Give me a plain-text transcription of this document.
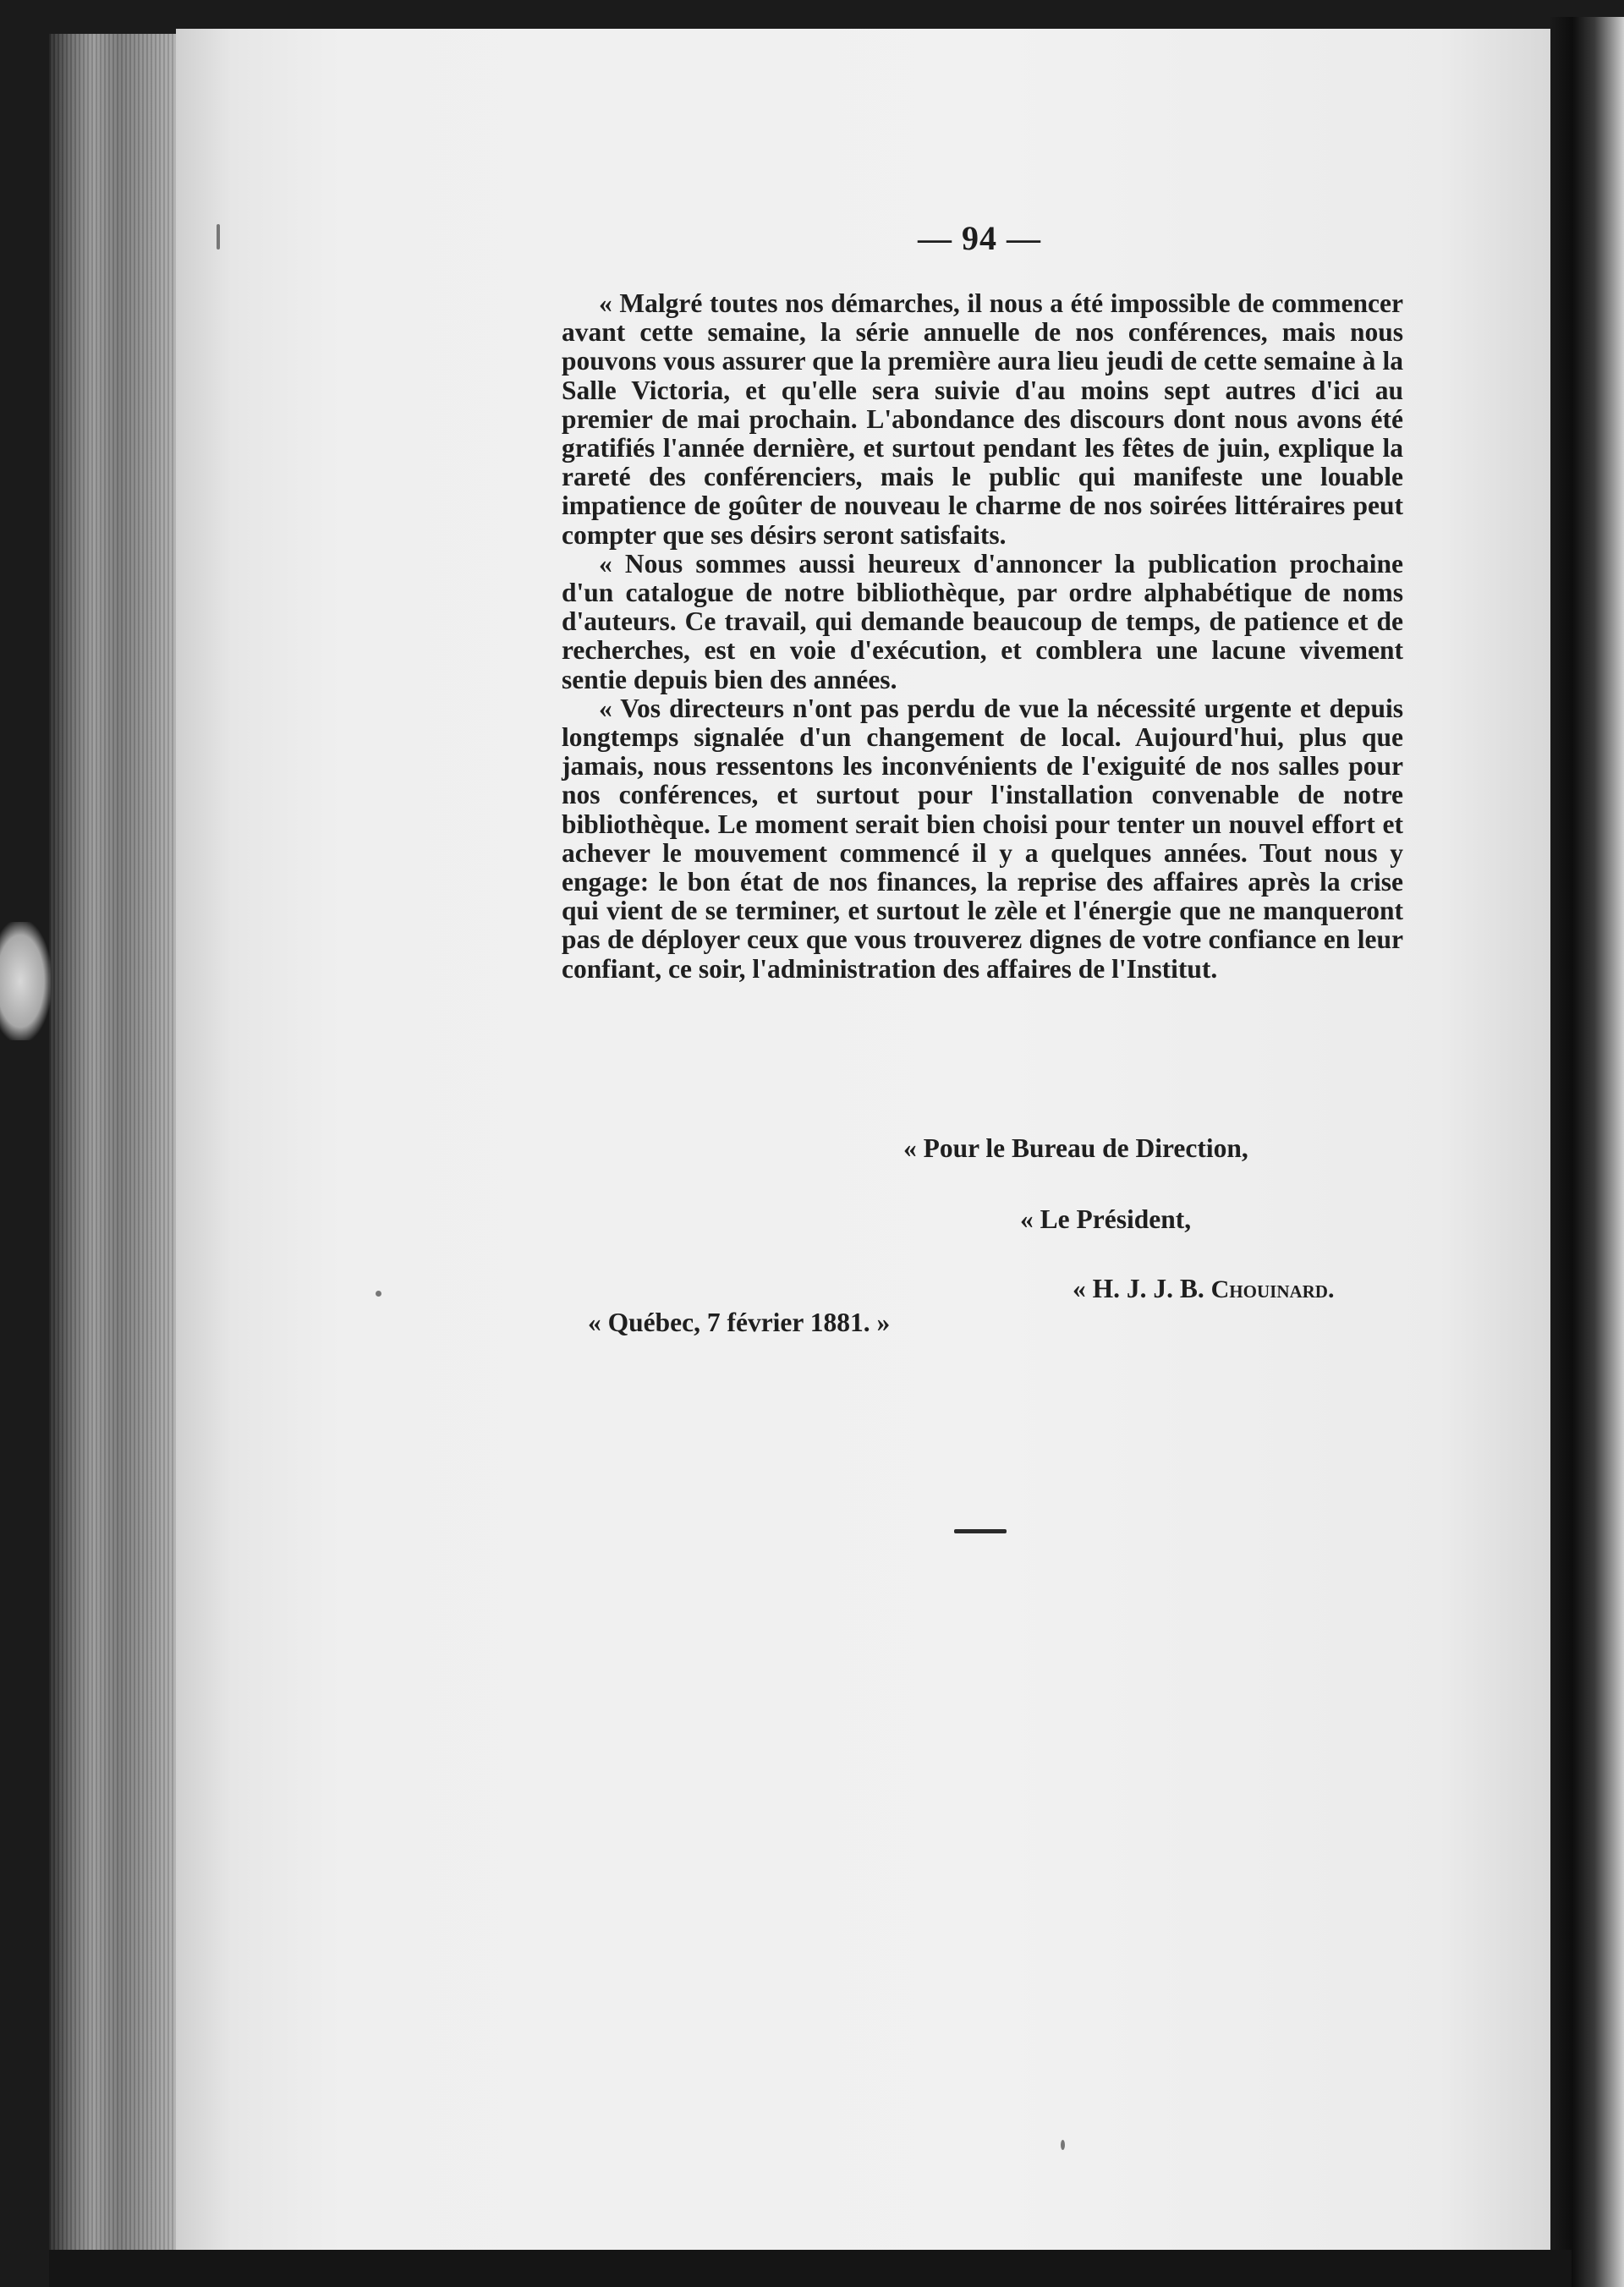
— 94 —

« Malgré toutes nos démarches, il nous a été impossible de commencer avant cette semaine, la série annuelle de nos conférences, mais nous pouvons vous assurer que la première aura lieu jeudi de cette semaine à la Salle Victoria, et qu'elle sera suivie d'au moins sept autres d'ici au premier de mai prochain. L'abondance des discours dont nous avons été gratifiés l'année dernière, et surtout pendant les fêtes de juin, explique la rareté des conférenciers, mais le public qui manifeste une louable impatience de goûter de nouveau le charme de nos soirées littéraires peut compter que ses désirs seront satisfaits.

« Nous sommes aussi heureux d'annoncer la publication prochaine d'un catalogue de notre bibliothèque, par ordre alphabétique de noms d'auteurs. Ce travail, qui demande beaucoup de temps, de patience et de recherches, est en voie d'exécution, et comblera une lacune vivement sentie depuis bien des années.

« Vos directeurs n'ont pas perdu de vue la nécessité urgente et depuis longtemps signalée d'un changement de local. Aujourd'hui, plus que jamais, nous ressentons les inconvénients de l'exiguité de nos salles pour nos conférences, et surtout pour l'installation convenable de notre bibliothèque. Le moment serait bien choisi pour tenter un nouvel effort et achever le mouvement commencé il y a quelques années. Tout nous y engage: le bon état de nos finances, la reprise des affaires après la crise qui vient de se terminer, et surtout le zèle et l'énergie que ne manqueront pas de déployer ceux que vous trouverez dignes de votre confiance en leur confiant, ce soir, l'administration des affaires de l'Institut.

« Pour le Bureau de Direction,
« Le Président,
« H. J. J. B. Chouinard.
« Québec, 7 février 1881. »
